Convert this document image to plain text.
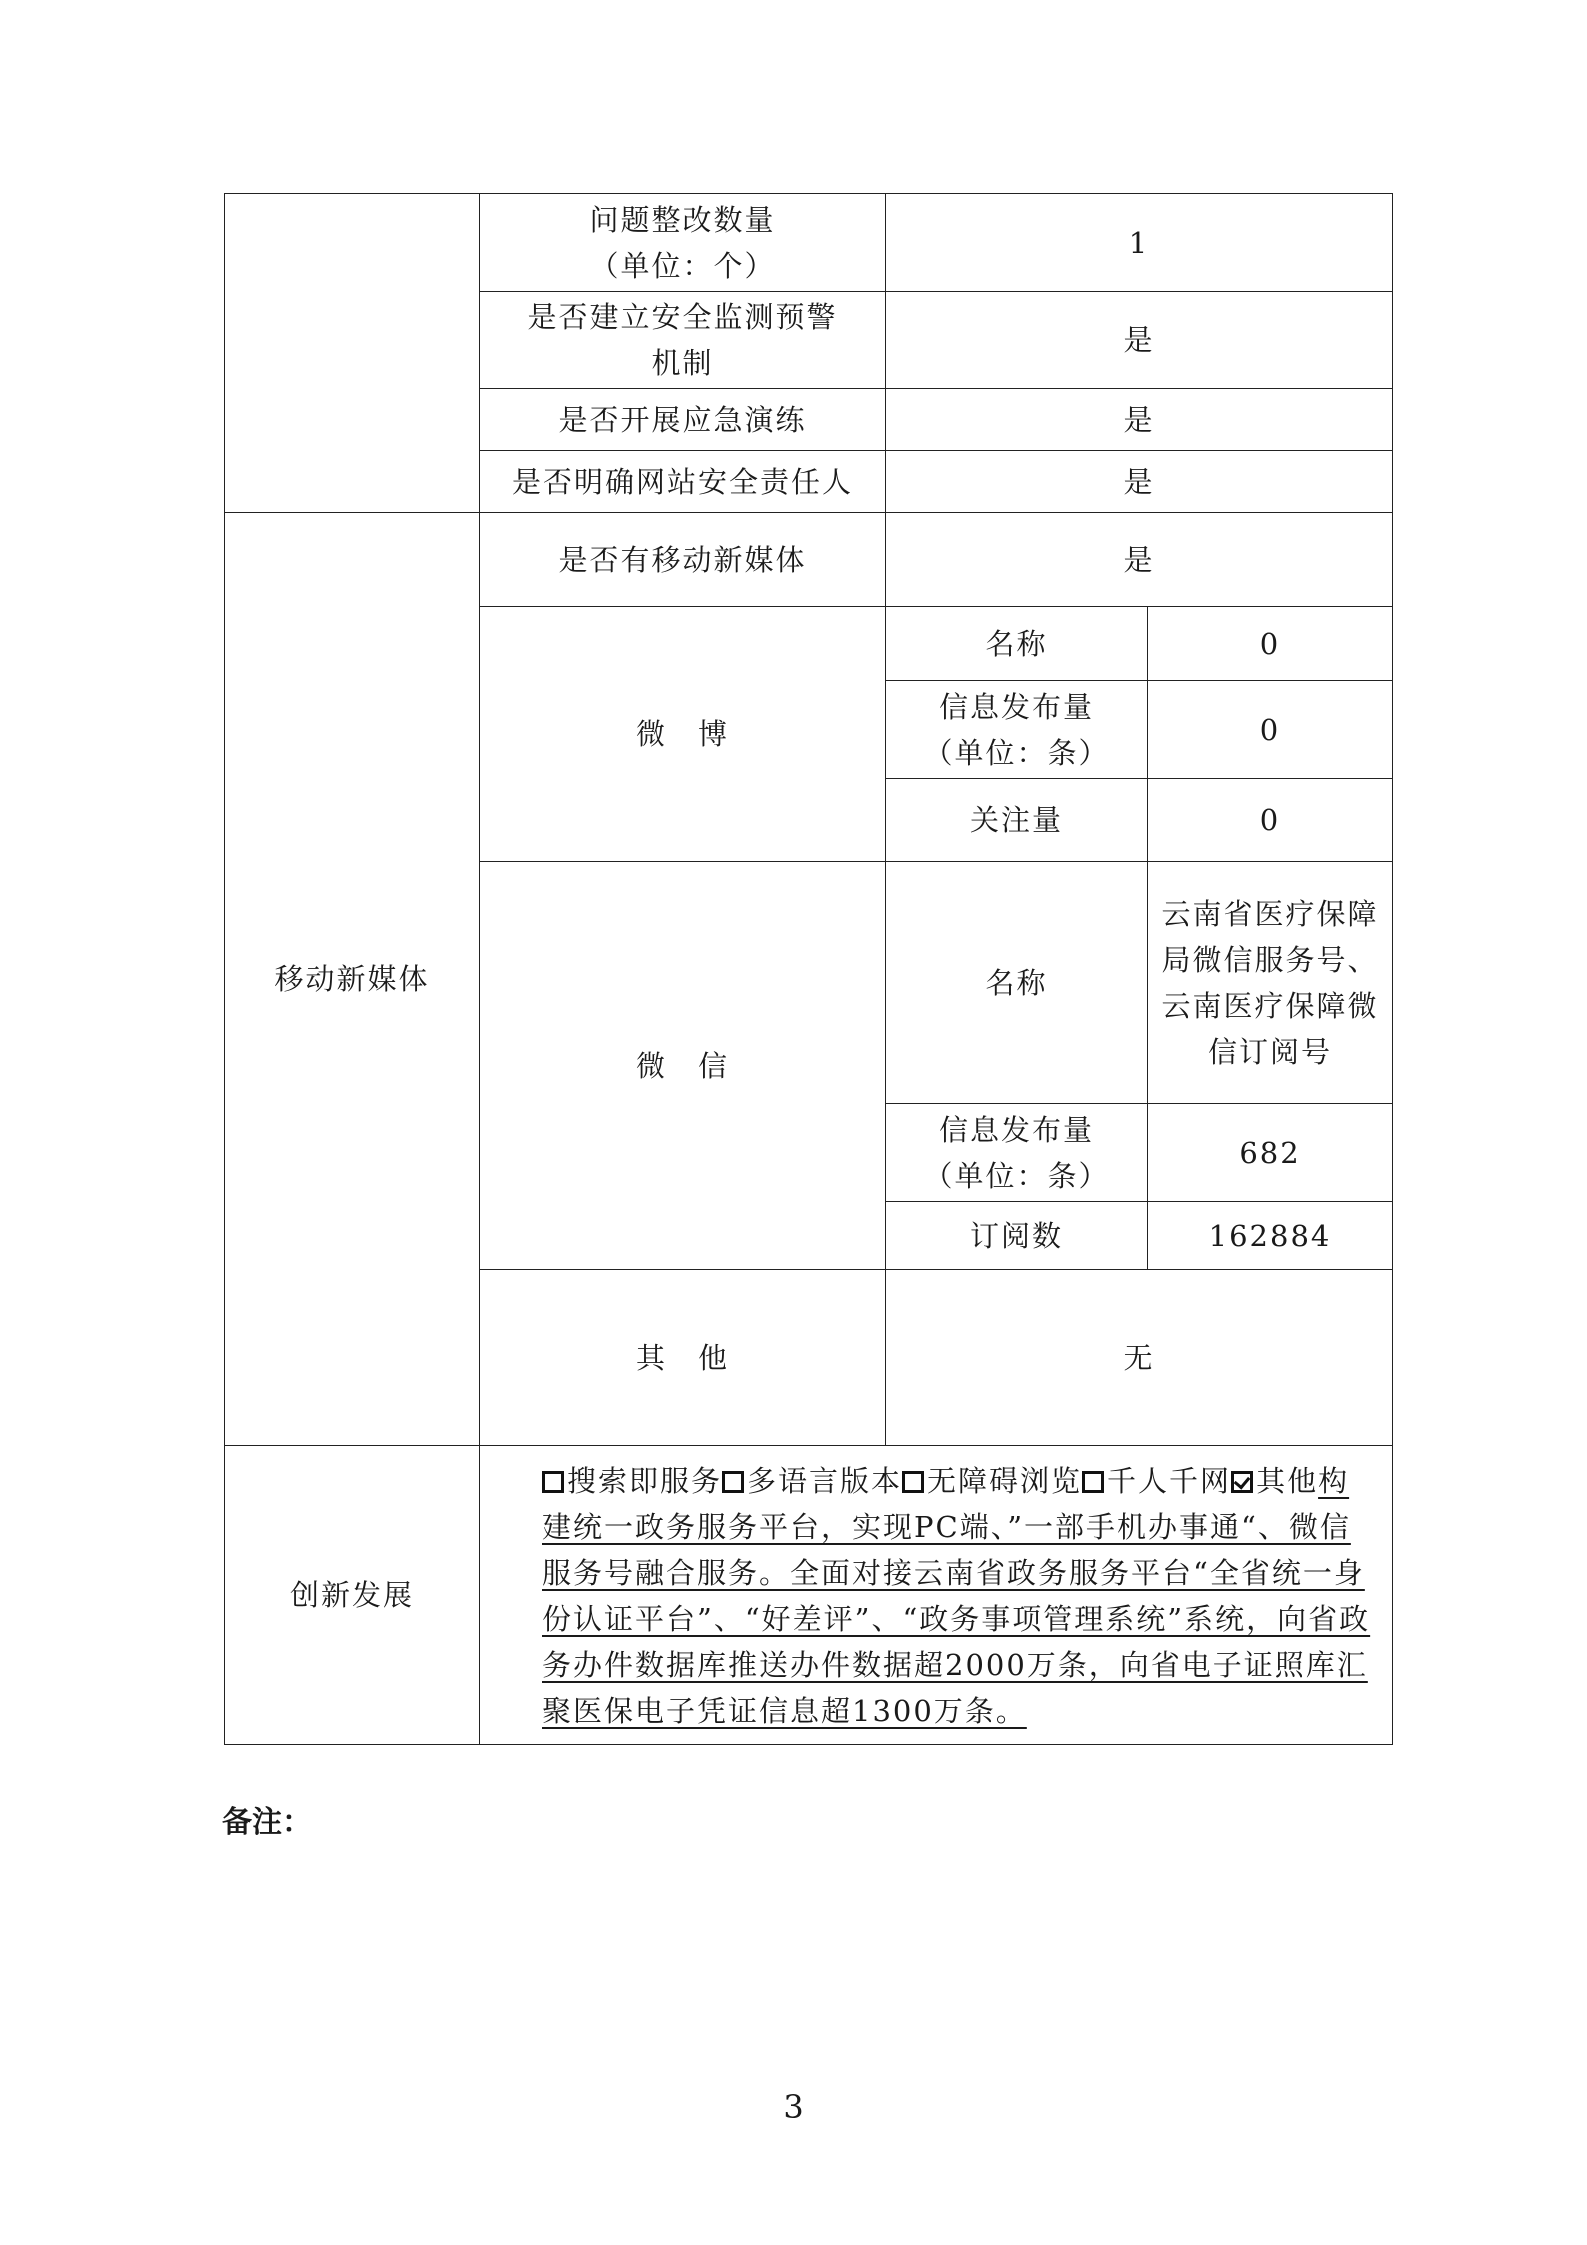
	问题整改数量
（单位：个）	1	
	是否建立安全监测预警
机制	是	
	是否开展应急演练	是	
	是否明确网站安全责任人	是	
移动新媒体	是否有移动新媒体	是	
	微　博	名称	0
		信息发布量
（单位：条）	0
		关注量	0
	微　信	名称	云南省医疗保障局微信服务号、云南医疗保障微信订阅号
		信息发布量
（单位：条）	682
		订阅数	162884
	其　他	无	
创新发展	搜索即服务 多语言版本 无障碍浏览 千人千网 其他构建统一政务服务平台，实现PC端、”一部手机办事通“、微信服务号融合服务。全面对接云南省政务服务平台“全省统一身份认证平台”、“好差评”、“政务事项管理系统”系统，向省政务办件数据库推送办件数据超2000万条，向省电子证照库汇聚医保电子凭证信息超1300万条。		
备注：
3
